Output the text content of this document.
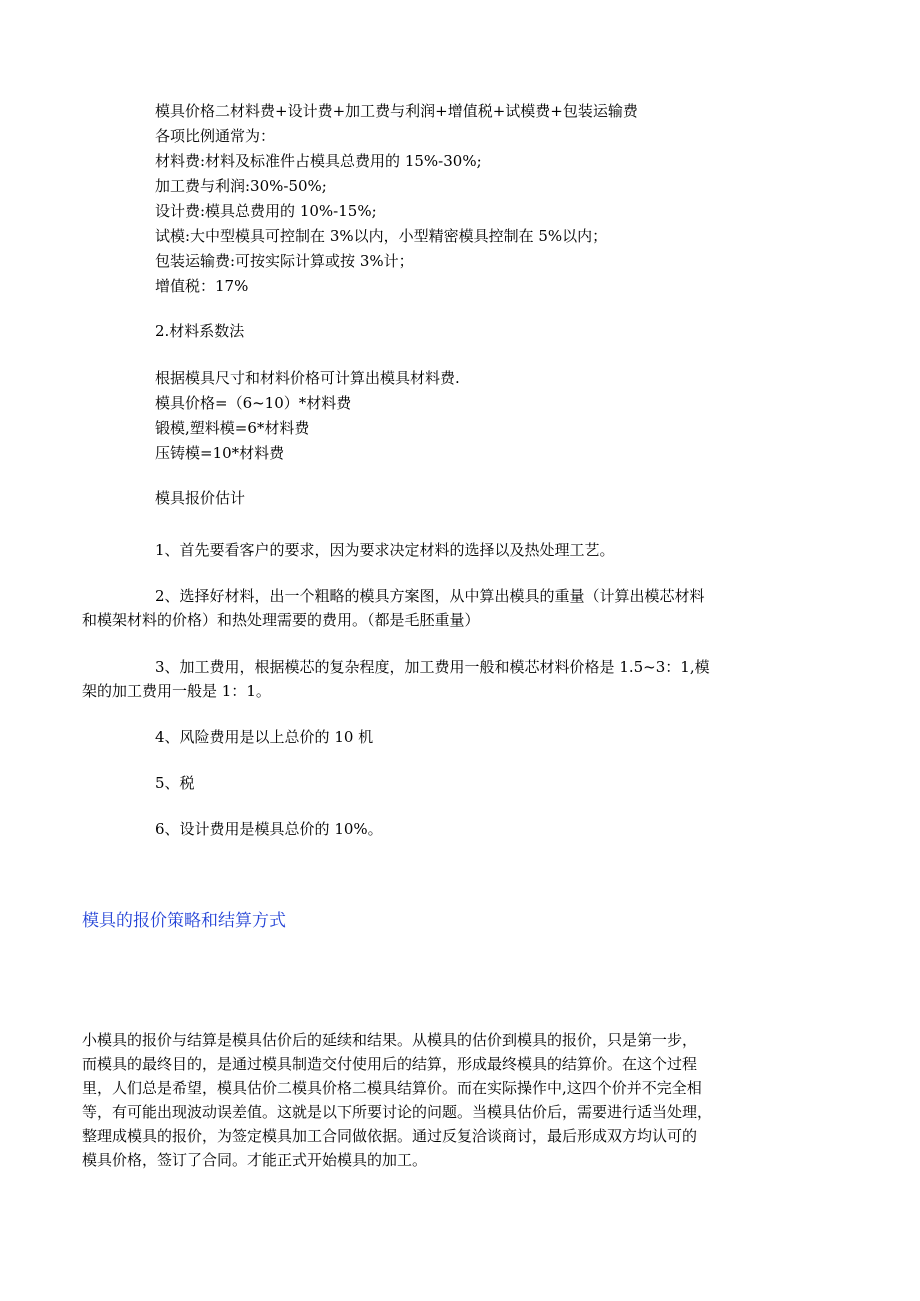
模具价格二材料费+设计费+加工费与利润+增值税+试模费+包装运输费
各项比例通常为：
材料费:材料及标准件占模具总费用的 15%-30%;
加工费与利润:30%-50%;
设计费:模具总费用的 10%-15%;
试模:大中型模具可控制在 3%以内，小型精密模具控制在 5%以内；
包装运输费:可按实际计算或按 3%计；
增值税：17%
2.材料系数法
根据模具尺寸和材料价格可计算出模具材料费.
模具价格=（6~10）*材料费
锻模,塑料模=6*材料费
压铸模=10*材料费
模具报价估计
1、首先要看客户的要求，因为要求决定材料的选择以及热处理工艺。
2、选择好材料，出一个粗略的模具方案图，从中算出模具的重量（计算出模芯材料
和模架材料的价格）和热处理需要的费用。（都是毛胚重量）
3、加工费用，根据模芯的复杂程度，加工费用一般和模芯材料价格是 1.5~3：1,模
架的加工费用一般是 1：1。
4、风险费用是以上总价的 10 机
5、税
6、设计费用是模具总价的 10%。
模具的报价策略和结算方式
小模具的报价与结算是模具估价后的延续和结果。从模具的估价到模具的报价，只是第一步，
而模具的最终目的，是通过模具制造交付使用后的结算，形成最终模具的结算价。在这个过程
里，人们总是希望，模具估价二模具价格二模具结算价。而在实际操作中,这四个价并不完全相
等，有可能出现波动误差值。这就是以下所要讨论的问题。当模具估价后，需要进行适当处理，
整理成模具的报价，为签定模具加工合同做依据。通过反复洽谈商讨，最后形成双方均认可的
模具价格，签订了合同。才能正式开始模具的加工。
